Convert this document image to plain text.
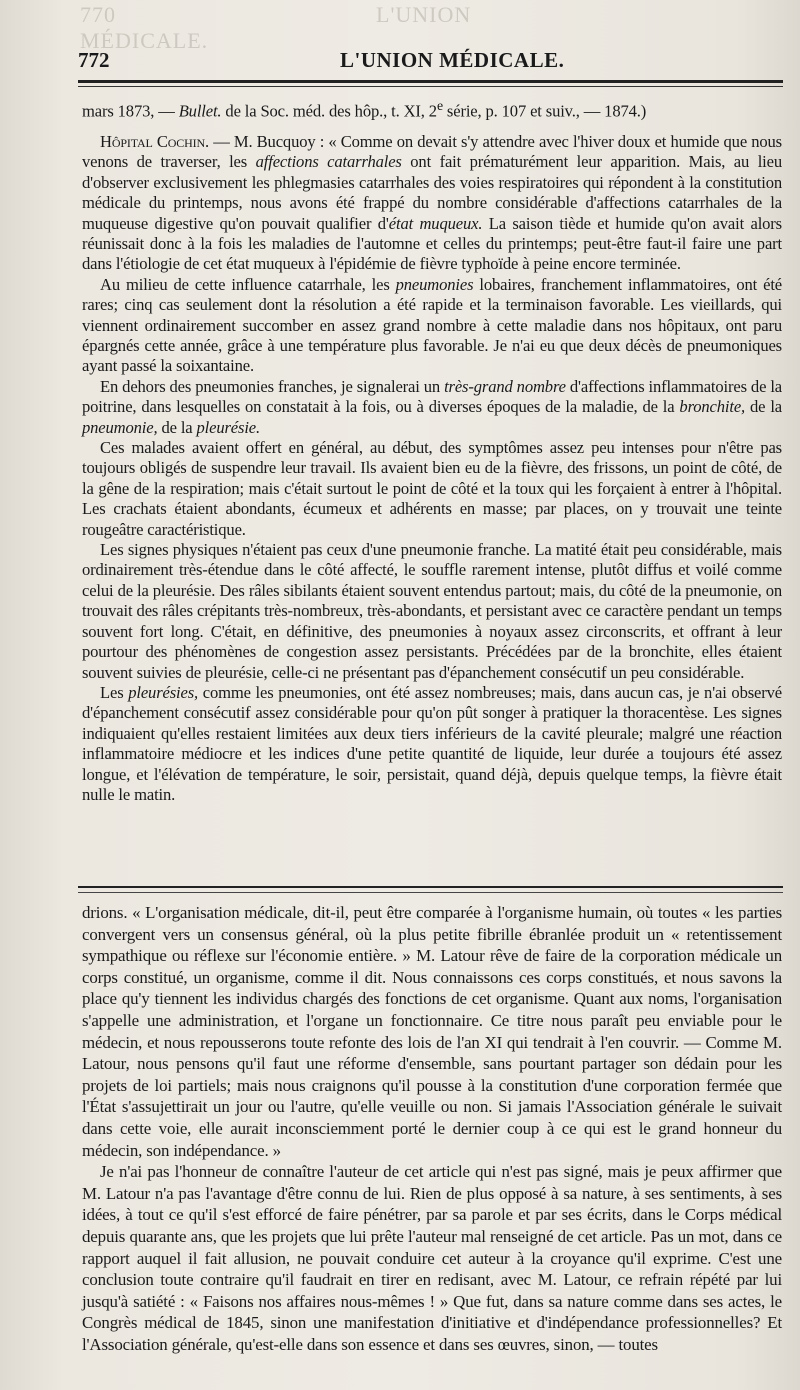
770	L'UNION MÉDICALE.
772	L'UNION MÉDICALE.

mars 1873, — Bullet. de la Soc. méd. des hôp., t. XI, 2e série, p. 107 et suiv., — 1874.)

Hôpital Cochin. — M. Bucquoy : « Comme on devait s'y attendre avec l'hiver doux et humide que nous venons de traverser, les affections catarrhales ont fait prématurément leur apparition. Mais, au lieu d'observer exclusivement les phlegmasies catarrhales des voies respiratoires qui répondent à la constitution médicale du printemps, nous avons été frappé du nombre considérable d'affections catarrhales de la muqueuse digestive qu'on pouvait qualifier d'état muqueux. La saison tiède et humide qu'on avait alors réunissait donc à la fois les maladies de l'automne et celles du printemps; peut-être faut-il faire une part dans l'étiologie de cet état muqueux à l'épidémie de fièvre typhoïde à peine encore terminée.

Au milieu de cette influence catarrhale, les pneumonies lobaires, franchement inflammatoires, ont été rares; cinq cas seulement dont la résolution a été rapide et la terminaison favorable. Les vieillards, qui viennent ordinairement succomber en assez grand nombre à cette maladie dans nos hôpitaux, ont paru épargnés cette année, grâce à une température plus favorable. Je n'ai eu que deux décès de pneumoniques ayant passé la soixantaine.

En dehors des pneumonies franches, je signalerai un très-grand nombre d'affections inflammatoires de la poitrine, dans lesquelles on constatait à la fois, ou à diverses époques de la maladie, de la bronchite, de la pneumonie, de la pleurésie.

Ces malades avaient offert en général, au début, des symptômes assez peu intenses pour n'être pas toujours obligés de suspendre leur travail. Ils avaient bien eu de la fièvre, des frissons, un point de côté, de la gêne de la respiration; mais c'était surtout le point de côté et la toux qui les forçaient à entrer à l'hôpital. Les crachats étaient abondants, écumeux et adhérents en masse; par places, on y trouvait une teinte rougeâtre caractéristique.

Les signes physiques n'étaient pas ceux d'une pneumonie franche. La matité était peu considérable, mais ordinairement très-étendue dans le côté affecté, le souffle rarement intense, plutôt diffus et voilé comme celui de la pleurésie. Des râles sibilants étaient souvent entendus partout; mais, du côté de la pneumonie, on trouvait des râles crépitants très-nombreux, très-abondants, et persistant avec ce caractère pendant un temps souvent fort long. C'était, en définitive, des pneumonies à noyaux assez circonscrits, et offrant à leur pourtour des phénomènes de congestion assez persistants. Précédées par de la bronchite, elles étaient souvent suivies de pleurésie, celle-ci ne présentant pas d'épanchement consécutif un peu considérable.

Les pleurésies, comme les pneumonies, ont été assez nombreuses; mais, dans aucun cas, je n'ai observé d'épanchement consécutif assez considérable pour qu'on pût songer à pratiquer la thoracentèse. Les signes indiquaient qu'elles restaient limitées aux deux tiers inférieurs de la cavité pleurale; malgré une réaction inflammatoire médiocre et les indices d'une petite quantité de liquide, leur durée a toujours été assez longue, et l'élévation de température, le soir, persistait, quand déjà, depuis quelque temps, la fièvre était nulle le matin.

drions. « L'organisation médicale, dit-il, peut être comparée à l'organisme humain, où toutes « les parties convergent vers un consensus général, où la plus petite fibrille ébranlée produit un « retentissement sympathique ou réflexe sur l'économie entière. » M. Latour rêve de faire de la corporation médicale un corps constitué, un organisme, comme il dit. Nous connaissons ces corps constitués, et nous savons la place qu'y tiennent les individus chargés des fonctions de cet organisme. Quant aux noms, l'organisation s'appelle une administration, et l'organe un fonctionnaire. Ce titre nous paraît peu enviable pour le médecin, et nous repousserons toute refonte des lois de l'an XI qui tendrait à l'en couvrir. — Comme M. Latour, nous pensons qu'il faut une réforme d'ensemble, sans pourtant partager son dédain pour les projets de loi partiels; mais nous craignons qu'il pousse à la constitution d'une corporation fermée que l'État s'assujettirait un jour ou l'autre, qu'elle veuille ou non. Si jamais l'Association générale le suivait dans cette voie, elle aurait inconsciemment porté le dernier coup à ce qui est le grand honneur du médecin, son indépendance. »

Je n'ai pas l'honneur de connaître l'auteur de cet article qui n'est pas signé, mais je peux affirmer que M. Latour n'a pas l'avantage d'être connu de lui. Rien de plus opposé à sa nature, à ses sentiments, à ses idées, à tout ce qu'il s'est efforcé de faire pénétrer, par sa parole et par ses écrits, dans le Corps médical depuis quarante ans, que les projets que lui prête l'auteur mal renseigné de cet article. Pas un mot, dans ce rapport auquel il fait allusion, ne pouvait conduire cet auteur à la croyance qu'il exprime. C'est une conclusion toute contraire qu'il faudrait en tirer en redisant, avec M. Latour, ce refrain répété par lui jusqu'à satiété : « Faisons nos affaires nous-mêmes ! » Que fut, dans sa nature comme dans ses actes, le Congrès médical de 1845, sinon une manifestation d'initiative et d'indépendance professionnelles? Et l'Association générale, qu'est-elle dans son essence et dans ses œuvres, sinon, — toutes
